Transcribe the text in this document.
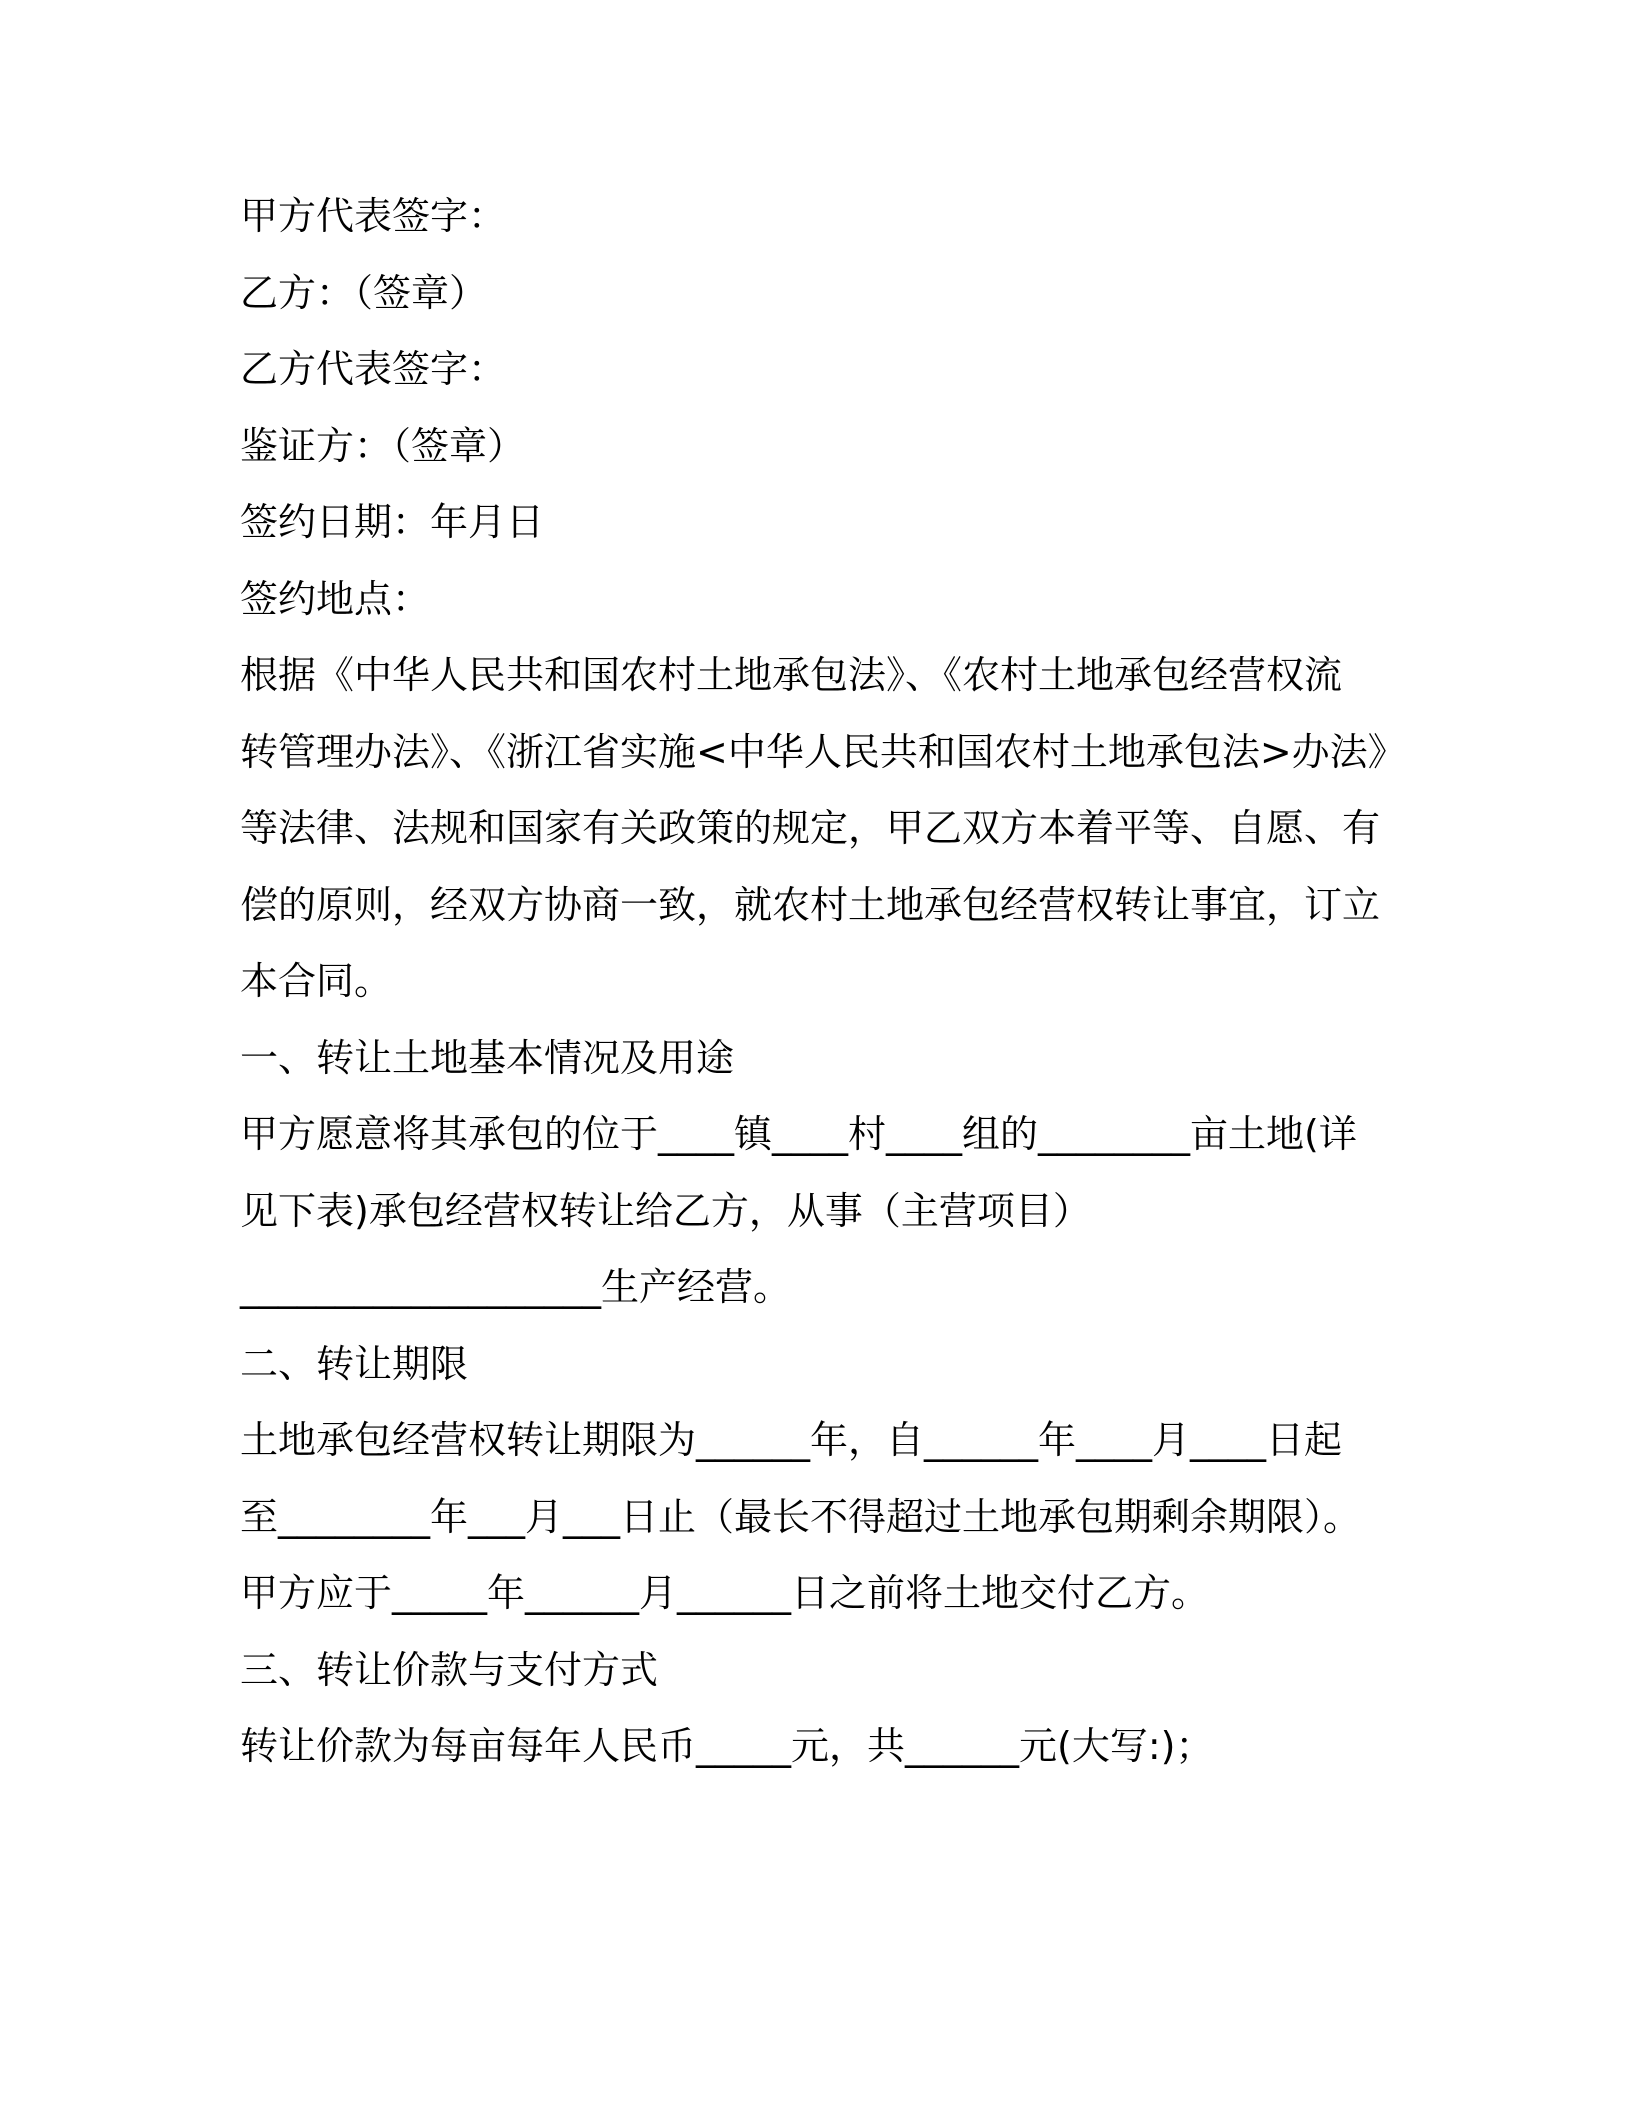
甲方代表签字：

乙方：（签章）

乙方代表签字：

鉴证方：（签章）

签约日期：年月日

签约地点：

根据《中华人民共和国农村土地承包法》、《农村土地承包经营权流

转管理办法》、《浙江省实施<中华人民共和国农村土地承包法>办法》

等法律、法规和国家有关政策的规定，甲乙双方本着平等、自愿、有

偿的原则，经双方协商一致，就农村土地承包经营权转让事宜，订立

本合同。

一、转让土地基本情况及用途

甲方愿意将其承包的位于____镇____村____组的________亩土地(详

见下表)承包经营权转让给乙方，从事（主营项目）

___________________生产经营。

二、转让期限

土地承包经营权转让期限为______年，自______年____月____日起

至________年___月___日止（最长不得超过土地承包期剩余期限）。

甲方应于_____年______月______日之前将土地交付乙方。

三、转让价款与支付方式

转让价款为每亩每年人民币_____元，共______元(大写:)；
